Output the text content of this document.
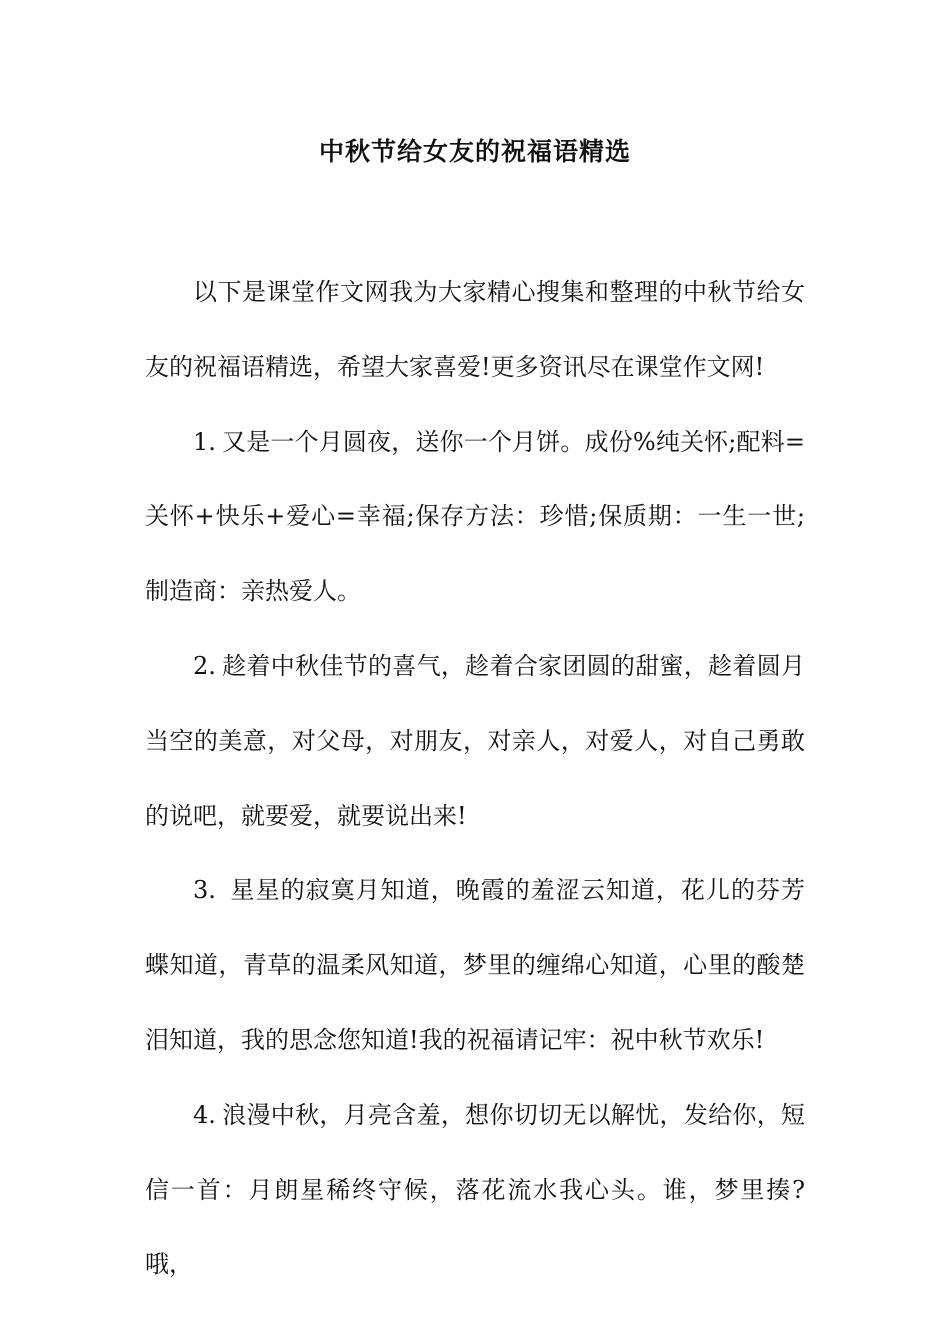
中秋节给女友的祝福语精选

以下是课堂作文网我为大家精心搜集和整理的中秋节给女友的祝福语精选，希望大家喜爱!更多资讯尽在课堂作文网!

1. 又是一个月圆夜，送你一个月饼。成份%纯关怀;配料=关怀+快乐+爱心=幸福;保存方法：珍惜;保质期：一生一世;制造商：亲热爱人。

2. 趁着中秋佳节的喜气，趁着合家团圆的甜蜜，趁着圆月当空的美意，对父母，对朋友，对亲人，对爱人，对自己勇敢的说吧，就要爱，就要说出来!

3. 星星的寂寞月知道，晚霞的羞涩云知道，花儿的芬芳蝶知道，青草的温柔风知道，梦里的缠绵心知道，心里的酸楚泪知道，我的思念您知道!我的祝福请记牢：祝中秋节欢乐!

4. 浪漫中秋，月亮含羞，想你切切无以解忧，发给你，短信一首：月朗星稀终守候，落花流水我心头。谁，梦里揍?哦，
